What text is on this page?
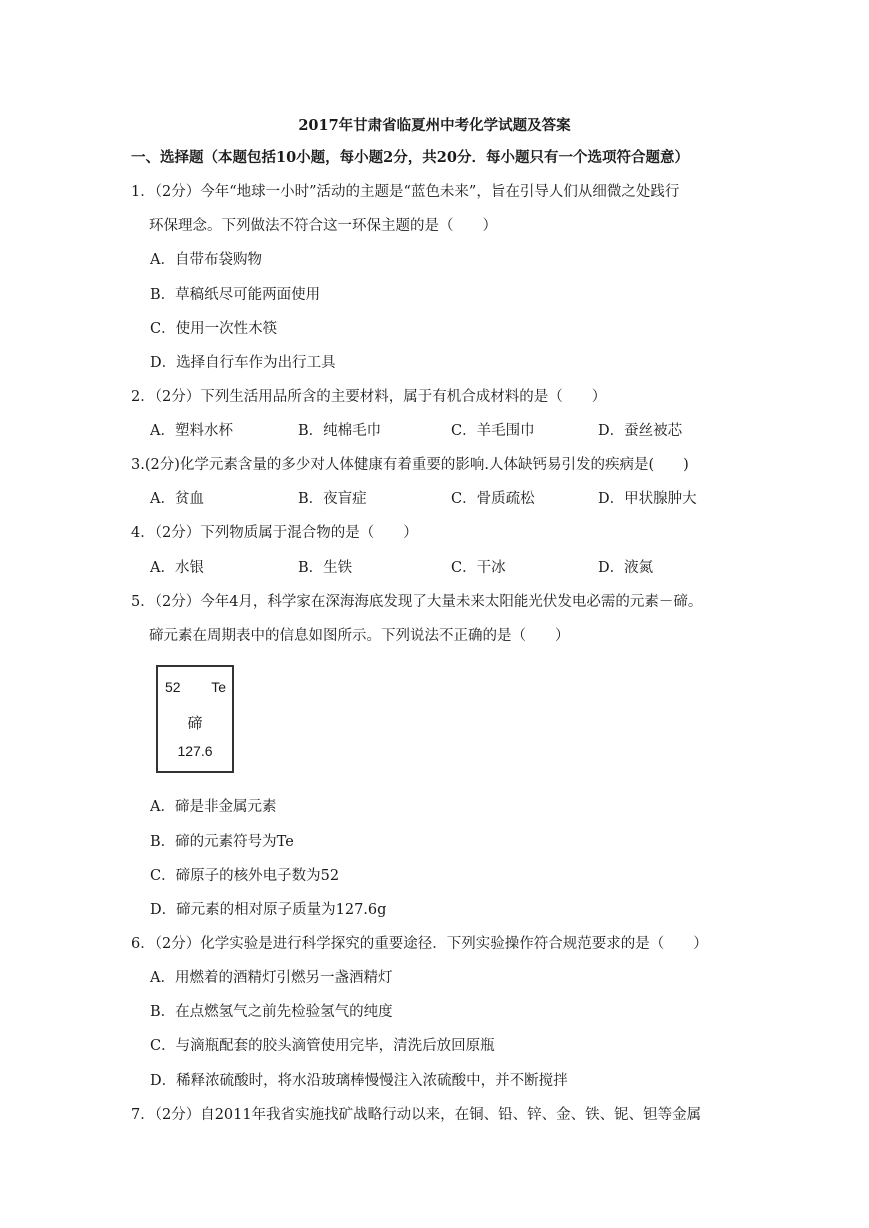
2017年甘肃省临夏州中考化学试题及答案
一、选择题（本题包括10小题，每小题2分，共20分．每小题只有一个选项符合题意）
1．（2分）今年“地球一小时”活动的主题是“蓝色未来”，旨在引导人们从细微之处践行
环保理念。下列做法不符合这一环保主题的是（　　）
A．自带布袋购物
B．草稿纸尽可能两面使用
C．使用一次性木筷
D．选择自行车作为出行工具
2．（2分）下列生活用品所含的主要材料，属于有机合成材料的是（　　）
A．塑料水杯	B．纯棉毛巾	C．羊毛围巾	D．蚕丝被芯
3.(2分)化学元素含量的多少对人体健康有着重要的影响.人体缺钙易引发的疾病是(　　)
A．贫血	B．夜盲症	C．骨质疏松	D．甲状腺肿大
4．（2分）下列物质属于混合物的是（　　）
A．水银	B．生铁	C．干冰	D．液氮
5．（2分）今年4月，科学家在深海海底发现了大量未来太阳能光伏发电必需的元素－碲。
碲元素在周期表中的信息如图所示。下列说法不正确的是（　　）
52 Te
碲
127.6
A．碲是非金属元素
B．碲的元素符号为Te
C．碲原子的核外电子数为52
D．碲元素的相对原子质量为127.6g
6．（2分）化学实验是进行科学探究的重要途径．下列实验操作符合规范要求的是（　　）
A．用燃着的酒精灯引燃另一盏酒精灯
B．在点燃氢气之前先检验氢气的纯度
C．与滴瓶配套的胶头滴管使用完毕，清洗后放回原瓶
D．稀释浓硫酸时，将水沿玻璃棒慢慢注入浓硫酸中，并不断搅拌
7．（2分）自2011年我省实施找矿战略行动以来，在铜、铅、锌、金、铁、铌、钽等金属
